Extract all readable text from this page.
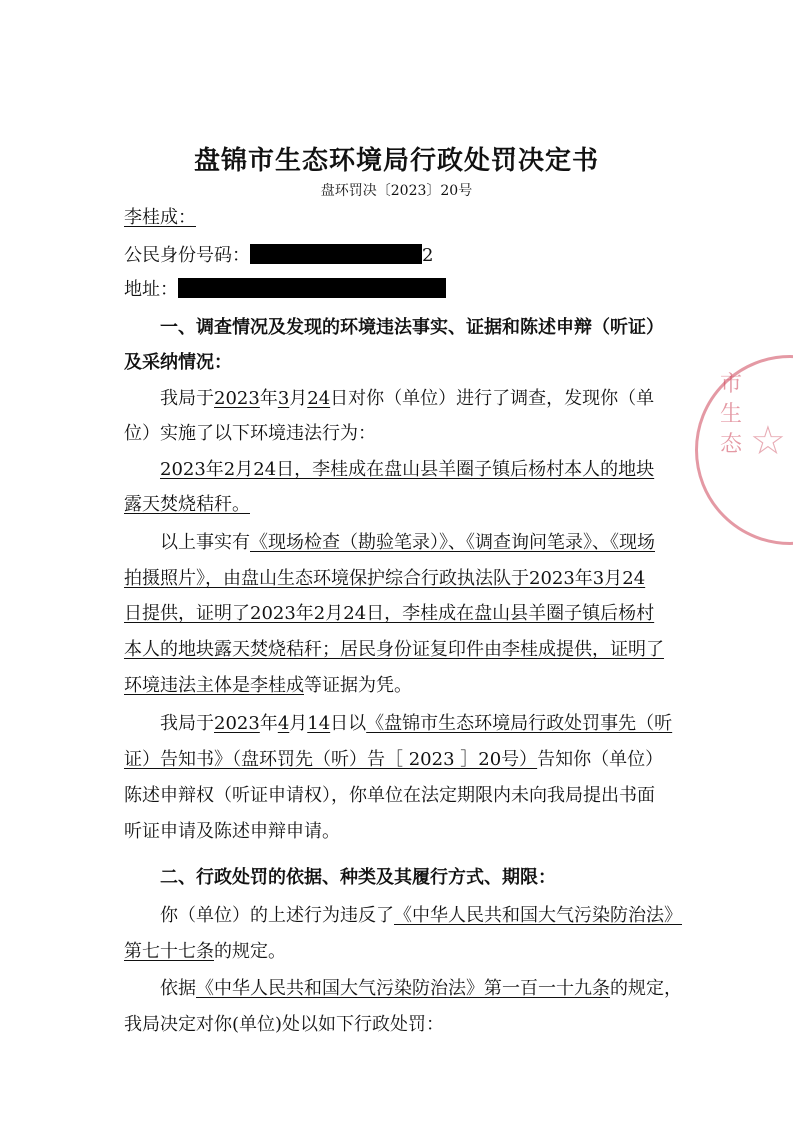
市生态 ☆
盘锦市生态环境局行政处罚决定书
盘环罚决〔2023〕20号
李桂成：
公民身份号码：	2
地址：
一、调查情况及发现的环境违法事实、证据和陈述申辩（听证）
及采纳情况：
我局于2023年3月24日对你（单位）进行了调查，发现你（单
位）实施了以下环境违法行为：
2023年2月24日，李桂成在盘山县羊圈子镇后杨村本人的地块
露天焚烧秸秆。
以上事实有《现场检查（勘验笔录）》、《调查询问笔录》、《现场
拍摄照片》，由盘山生态环境保护综合行政执法队于2023年3月24
日提供，证明了2023年2月24日，李桂成在盘山县羊圈子镇后杨村
本人的地块露天焚烧秸秆；居民身份证复印件由李桂成提供，证明了
环境违法主体是李桂成等证据为凭。
我局于2023年4月14日以《盘锦市生态环境局行政处罚事先（听
证）告知书》（盘环罚先（听）告［ 2023 ］20号）告知你（单位）
陈述申辩权（听证申请权），你单位在法定期限内未向我局提出书面
听证申请及陈述申辩申请。
二、行政处罚的依据、种类及其履行方式、期限：
你（单位）的上述行为违反了《中华人民共和国大气污染防治法》
第七十七条的规定。
依据《中华人民共和国大气污染防治法》第一百一十九条的规定，
我局决定对你(单位)处以如下行政处罚：
